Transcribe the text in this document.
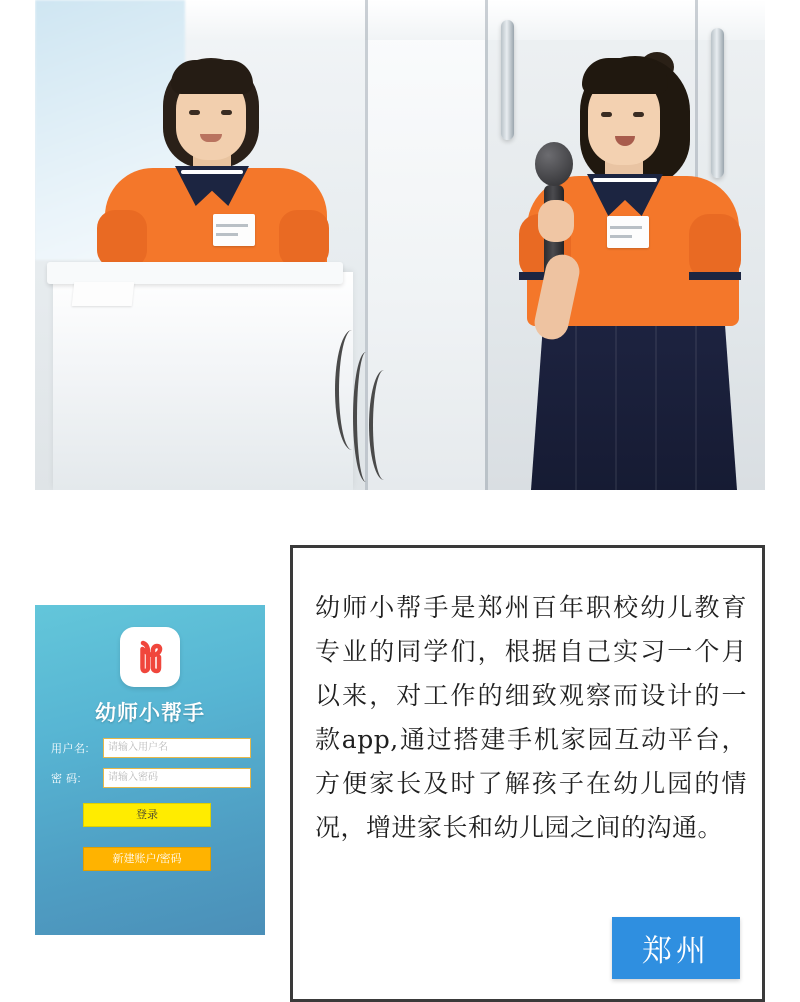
幼师小帮手
用户名:	请输入用户名
密 码:	请输入密码
登录
新建账户/密码
幼师小帮手是郑州百年职校幼儿教育专业的同学们，根据自己实习一个月以来，对工作的细致观察而设计的一款app,通过搭建手机家园互动平台，方便家长及时了解孩子在幼儿园的情况，增进家长和幼儿园之间的沟通。
郑州
